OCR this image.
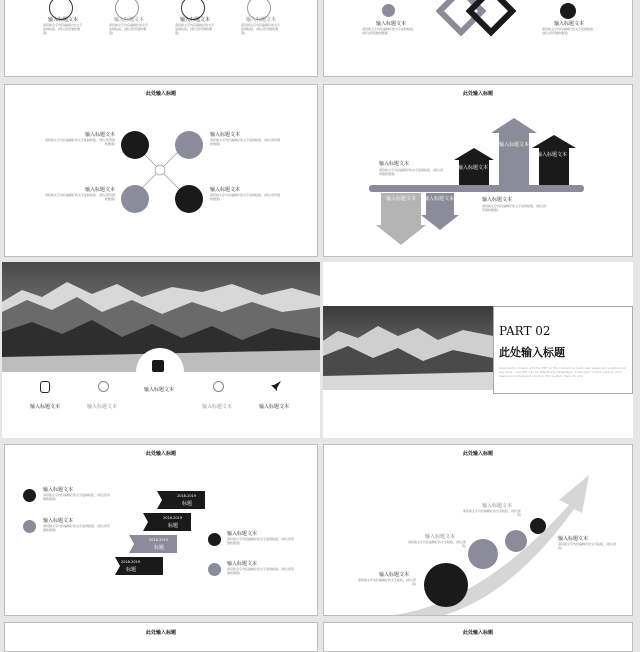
输入标题文本	输入标题文本	输入标题文本	输入标题文本
请替换文字内容编辑好的文字复制粘贴，(建议使用微软雅黑)
请替换文字内容编辑好的文字复制粘贴，(建议使用微软雅黑)
请替换文字内容编辑好的文字复制粘贴，(建议使用微软雅黑)
请替换文字内容编辑好的文字复制粘贴，(建议使用微软雅黑)
输入标题文本
请替换文字内容编辑好的文字复制粘贴，(建议使用微软雅黑)
输入标题文本
请替换文字内容编辑好的文字复制粘贴，(建议使用微软雅黑)
此处输入标题
输入标题文本
请替换文字内容编辑好的文字复制粘贴，(建议使用微软雅黑)
输入标题文本
请替换文字内容编辑好的文字复制粘贴，(建议使用微软雅黑)
输入标题文本
请替换文字内容编辑好的文字复制粘贴，(建议使用微软雅黑)
输入标题文本
请替换文字内容编辑好的文字复制粘贴，(建议使用微软雅黑)
此处输入标题
输入标题文本
输入标题文本
输入标题文本
输入标题文本
请替换文字内容编辑好的文字复制粘贴，(建议使用微软雅黑)
输入标题文本 输入标题文本	输入标题文本
请替换文字内容编辑好的文字复制粘贴，(建议使用微软雅黑)
输入标题文本
输入标题文本	输入标题文本	输入标题文本	输入标题文本
PART 02
此处输入标题
Input body content, edit the PPT on the content on particular pages and positions at any time, copy PPT can be effectively integrated, in the text content area on your needs and extensions, click on the system menu to add
此处输入标题
输入标题文本
请替换文字内容编辑好的文字复制粘贴，(建议使用微软雅黑)
输入标题文本
请替换文字内容编辑好的文字复制粘贴，(建议使用微软雅黑)
2018-2019
标题
2018-2019
标题
2018-2019
标题
2018-2019
标题
输入标题文本
请替换文字内容编辑好的文字复制粘贴，(建议使用微软雅黑)
输入标题文本
请替换文字内容编辑好的文字复制粘贴，(建议使用微软雅黑)
此处输入标题
输入标题文本
请替换文字内容编辑好的文字粘贴，(建议使用)
输入标题文本
请替换文字内容编辑好的文字粘贴，(建议使用)
输入标题文本
请替换文字内容编辑好的文字粘贴，(建议使用)
输入标题文本
请替换文字内容编辑好的文字粘贴，(建议使用)
此处输入标题	此处输入标题
